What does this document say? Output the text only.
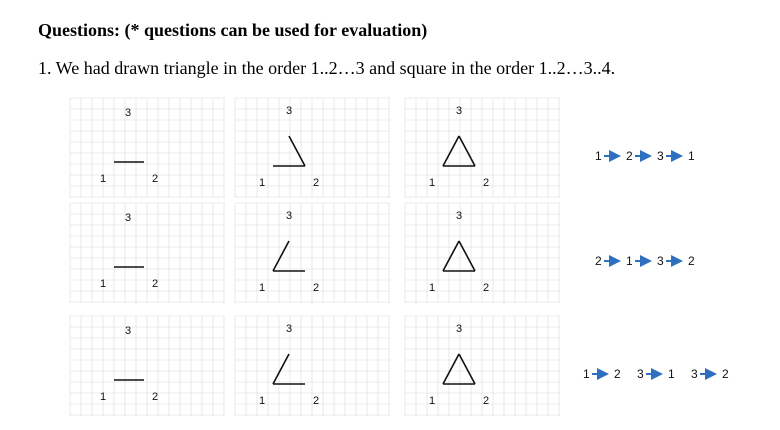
Questions: (* questions can be used for evaluation)
1. We had drawn triangle in the order 1..2…3 and square in the order 1..2…3..4.
1	2
3
1	2
3
1	2
3
1 2 3 1
1	2
3
1	2
3
1	2
3
2 1 3 2
1	2
3
1	2
3
1	2
3
1 2 3 1 3 2
